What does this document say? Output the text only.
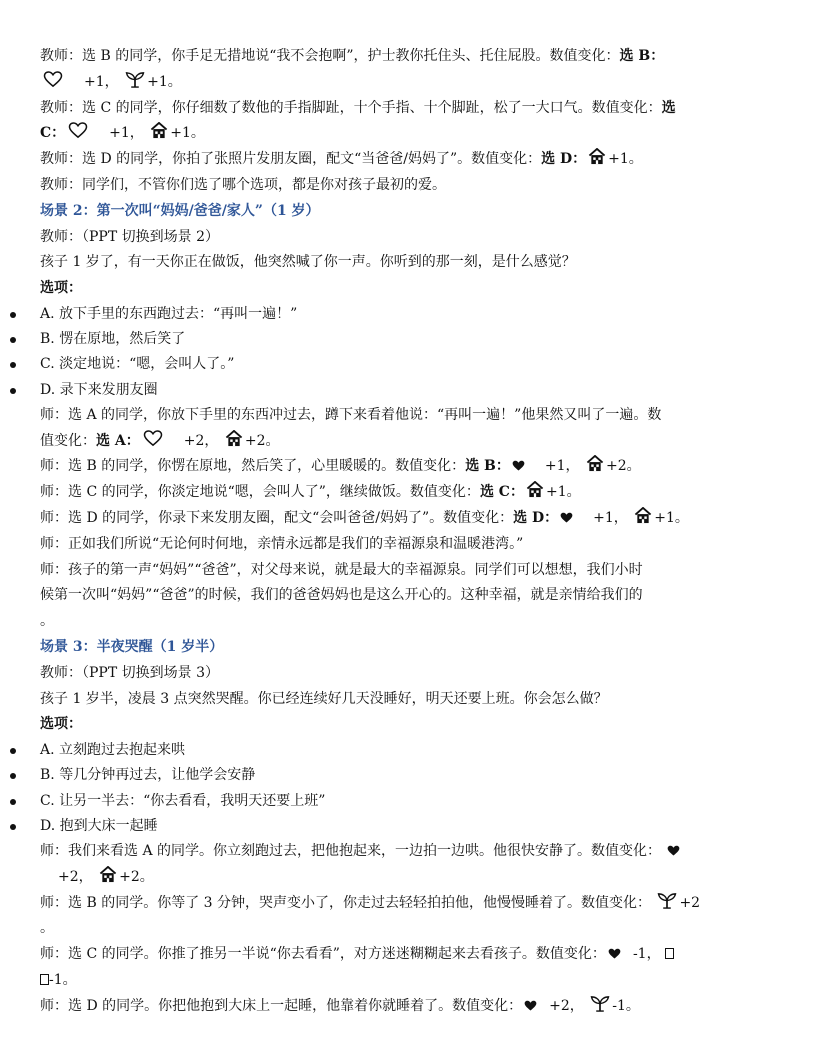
教师：选 B 的同学，你手足无措地说“我不会抱啊”，护士教你托住头、托住屁股。数值变化：选 B：
+1， +1。
教师：选 C 的同学，你仔细数了数他的手指脚趾，十个手指、十个脚趾，松了一大口气。数值变化：选
C：	+1， +1。
教师：选 D 的同学，你拍了张照片发朋友圈，配文“当爸爸/妈妈了”。数值变化：选 D： +1。
教师：同学们，不管你们选了哪个选项，都是你对孩子最初的爱。
场景 2：第一次叫“妈妈/爸爸/家人”（1 岁）
教师：（PPT 切换到场景 2）
孩子 1 岁了，有一天你正在做饭，他突然喊了你一声。你听到的那一刻，是什么感觉？
选项：
A. 放下手里的东西跑过去：“再叫一遍！”
B. 愣在原地，然后笑了
C. 淡定地说：“嗯，会叫人了。”
D. 录下来发朋友圈
师：选 A 的同学，你放下手里的东西冲过去，蹲下来看着他说：“再叫一遍！”他果然又叫了一遍。数
值变化：选 A：	+2， +2。
师：选 B 的同学，你愣在原地，然后笑了，心里暖暖的。数值变化：选 B：	+1， +2。
师：选 C 的同学，你淡定地说“嗯，会叫人了”，继续做饭。数值变化：选 C： +1。
师：选 D 的同学，你录下来发朋友圈，配文“会叫爸爸/妈妈了”。数值变化：选 D：	+1， +1。
师：正如我们所说“无论何时何地，亲情永远都是我们的幸福源泉和温暖港湾。”
师：孩子的第一声“妈妈”“爸爸”，对父母来说，就是最大的幸福源泉。同学们可以想想，我们小时
候第一次叫“妈妈”“爸爸”的时候，我们的爸爸妈妈也是这么开心的。这种幸福，就是亲情给我们的
。
场景 3：半夜哭醒（1 岁半）
教师：（PPT 切换到场景 3）
孩子 1 岁半，凌晨 3 点突然哭醒。你已经连续好几天没睡好，明天还要上班。你会怎么做？
选项：
A. 立刻跑过去抱起来哄
B. 等几分钟再过去，让他学会安静
C. 让另一半去：“你去看看，我明天还要上班”
D. 抱到大床一起睡
师：我们来看选 A 的同学。你立刻跑过去，把他抱起来，一边拍一边哄。他很快安静了。数值变化：
+2， +2。
师：选 B 的同学。你等了 3 分钟，哭声变小了，你走过去轻轻拍拍他，他慢慢睡着了。数值变化： +2
。
师：选 C 的同学。你推了推另一半说“你去看看”，对方迷迷糊糊起来去看孩子。数值变化： -1，
-1。
师：选 D 的同学。你把他抱到大床上一起睡，他靠着你就睡着了。数值变化： +2， -1。
